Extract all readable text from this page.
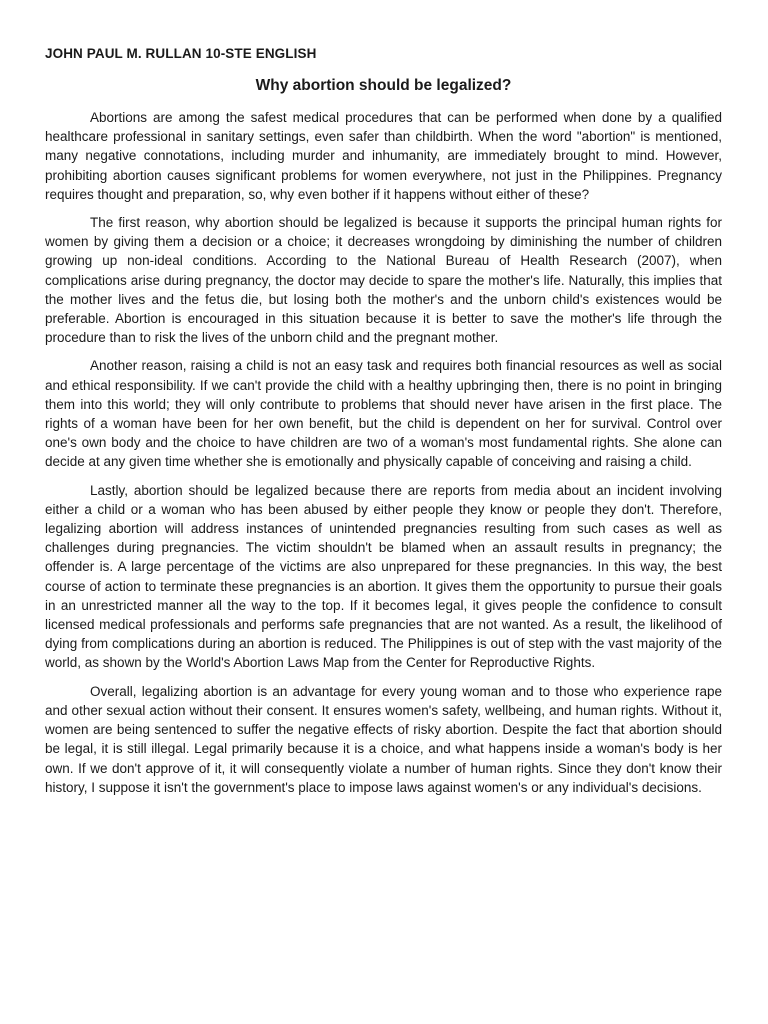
JOHN PAUL M. RULLAN 10-STE ENGLISH
Why abortion should be legalized?

Abortions are among the safest medical procedures that can be performed when done by a qualified healthcare professional in sanitary settings, even safer than childbirth. When the word "abortion" is mentioned, many negative connotations, including murder and inhumanity, are immediately brought to mind. However, prohibiting abortion causes significant problems for women everywhere, not just in the Philippines. Pregnancy requires thought and preparation, so, why even bother if it happens without either of these?

The first reason, why abortion should be legalized is because it supports the principal human rights for women by giving them a decision or a choice; it decreases wrongdoing by diminishing the number of children growing up non-ideal conditions. According to the National Bureau of Health Research (2007), when complications arise during pregnancy, the doctor may decide to spare the mother's life. Naturally, this implies that the mother lives and the fetus die, but losing both the mother's and the unborn child's existences would be preferable. Abortion is encouraged in this situation because it is better to save the mother's life through the procedure than to risk the lives of the unborn child and the pregnant mother.

Another reason, raising a child is not an easy task and requires both financial resources as well as social and ethical responsibility. If we can't provide the child with a healthy upbringing then, there is no point in bringing them into this world; they will only contribute to problems that should never have arisen in the first place. The rights of a woman have been for her own benefit, but the child is dependent on her for survival. Control over one's own body and the choice to have children are two of a woman's most fundamental rights. She alone can decide at any given time whether she is emotionally and physically capable of conceiving and raising a child.

Lastly, abortion should be legalized because there are reports from media about an incident involving either a child or a woman who has been abused by either people they know or people they don't. Therefore, legalizing abortion will address instances of unintended pregnancies resulting from such cases as well as challenges during pregnancies. The victim shouldn't be blamed when an assault results in pregnancy; the offender is. A large percentage of the victims are also unprepared for these pregnancies. In this way, the best course of action to terminate these pregnancies is an abortion. It gives them the opportunity to pursue their goals in an unrestricted manner all the way to the top. If it becomes legal, it gives people the confidence to consult licensed medical professionals and performs safe pregnancies that are not wanted. As a result, the likelihood of dying from complications during an abortion is reduced. The Philippines is out of step with the vast majority of the world, as shown by the World's Abortion Laws Map from the Center for Reproductive Rights.

Overall, legalizing abortion is an advantage for every young woman and to those who experience rape and other sexual action without their consent. It ensures women's safety, wellbeing, and human rights. Without it, women are being sentenced to suffer the negative effects of risky abortion. Despite the fact that abortion should be legal, it is still illegal. Legal primarily because it is a choice, and what happens inside a woman's body is her own. If we don't approve of it, it will consequently violate a number of human rights. Since they don't know their history, I suppose it isn't the government's place to impose laws against women's or any individual's decisions.
